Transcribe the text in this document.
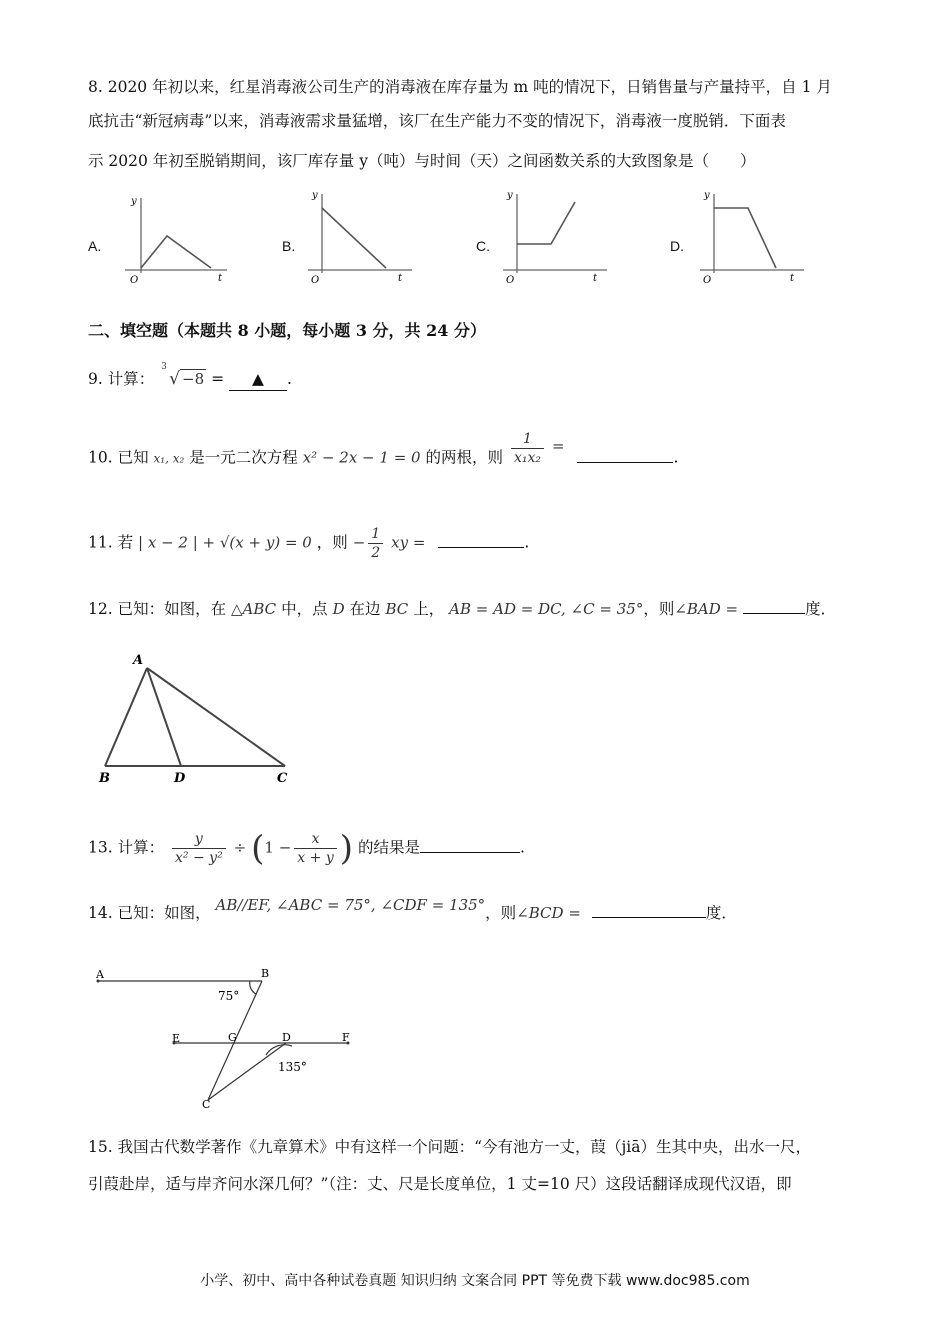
8. 2020 年初以来，红星消毒液公司生产的消毒液在库存量为 m 吨的情况下，日销售量与产量持平，自 1 月
底抗击“新冠病毒”以来，消毒液需求量猛增，该厂在生产能力不变的情况下，消毒液一度脱销．下面表
示 2020 年初至脱销期间，该厂库存量 y（吨）与时间（天）之间函数关系的大致图象是（　　）
A.
y
O	t
B.
y
O	t
C.
y
O	t
D.
y
O	t
二、填空题（本题共 8 小题，每小题 3 分，共 24 分）
9. 计算：
3
√ −8 = ▲ .
10. 已知 x₁, x₂ 是一元二次方程 x² − 2x − 1 = 0 的两根，则 $\frac{1}{\text{x₁x₂}}$ = .
11. 若 | x − 2 | + √(x + y) = 0 ，则 − $\frac{1}{2}$ xy =	.
12. 已知：如图，在 △ABC 中，点 D 在边 BC 上， AB = AD = DC, ∠C = 35°，则∠BAD =	度．
A
B	D	C
13. 计算： $\frac{y}{\text{x² − y²}} \div (1 - \frac{x}{x + y}$ ) 的结果是	.
14. 已知：如图， AB//EF, ∠ABC = 75°, ∠CDF = 135°，则∠BCD =	度．
A	B
E	G	D	F
C
75°
135°
15. 我国古代数学著作《九章算术》中有这样一个问题：“今有池方一丈，葭（jiā）生其中央，出水一尺，
引葭赴岸，适与岸齐问水深几何？”（注：丈、尺是长度单位，1 丈=10 尺）这段话翻译成现代汉语，即
小学、初中、高中各种试卷真题 知识归纳 文案合同 PPT 等免费下载 www.doc985.com
